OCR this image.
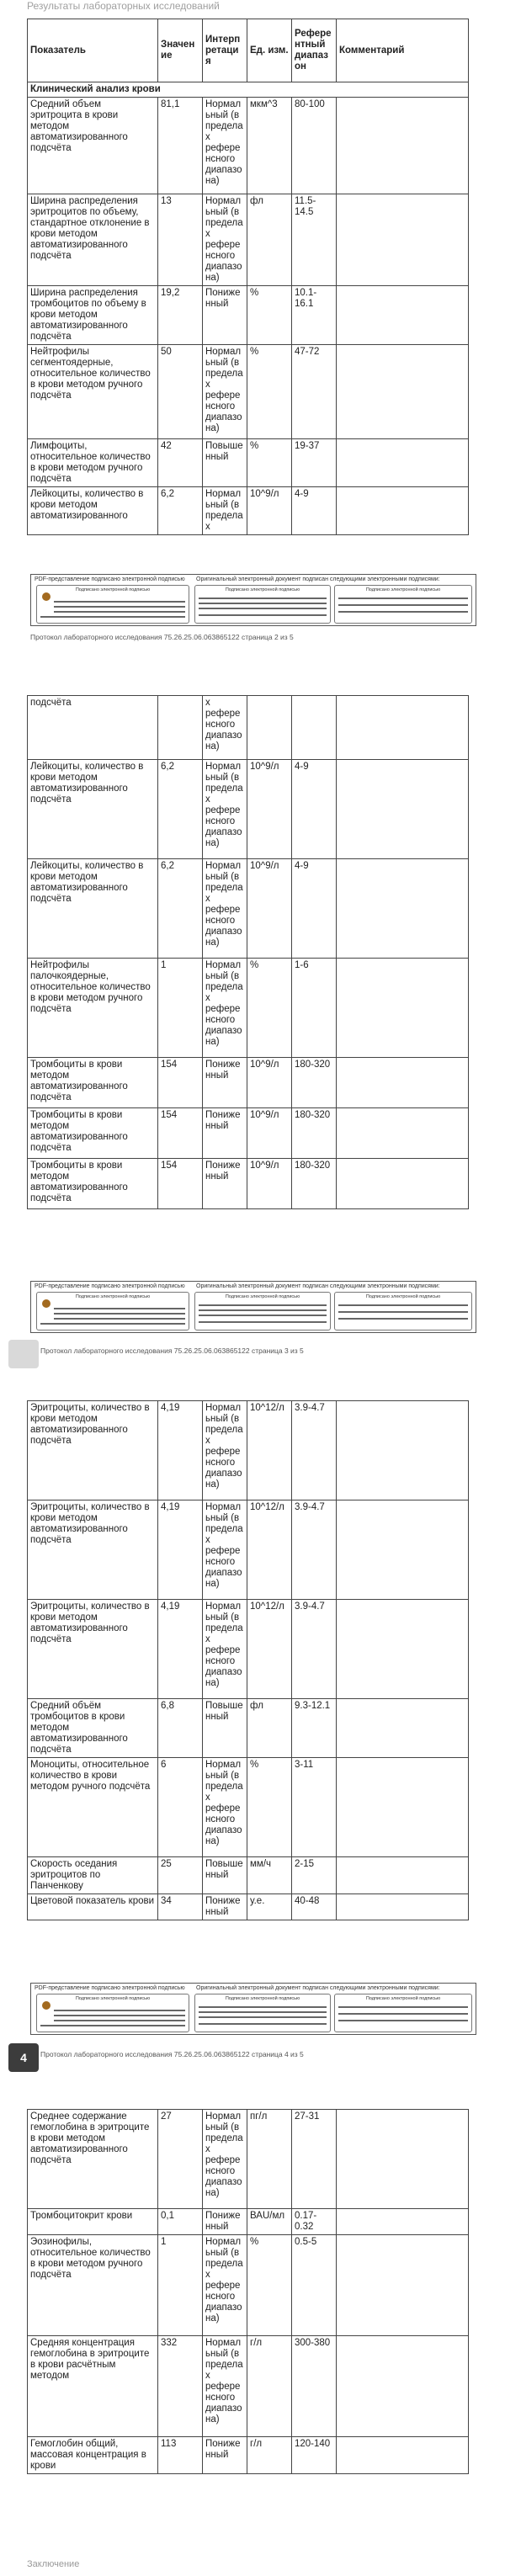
Результаты лабораторных исследований
Показатель	Значение	Интерпретация	Ед. изм.	Референтный диапазон	Комментарий
Клинический анализ крови					
Средний объем эритроцита в крови методом автоматизированного подсчёта	81,1	Нормальный (в пределах референсного диапазона)	мкм^3	80-100	
Ширина распределения эритроцитов по объему, стандартное отклонение в крови методом автоматизированного подсчёта	13	Нормальный (в пределах референсного диапазона)	фл	11.5-14.5	
Ширина распределения тромбоцитов по объему в крови методом автоматизированного подсчёта	19,2	Пониженный	%	10.1-16.1	
Нейтрофилы сегментоядерные, относительное количество в крови методом ручного подсчёта	50	Нормальный (в пределах референсного диапазона)	%	47-72	
Лимфоциты, относительное количество в крови методом ручного подсчёта	42	Повышенный	%	19-37	
Лейкоциты, количество в крови методом автоматизированного	6,2	Нормальный (в пределах	10^9/л	4-9	
PDF-представление подписано электронной подписью Оригинальный электронный документ подписан следующими электронными подписями:
Подписано электронной подписью	Подписано электронной подписью	Подписано электронной подписью
Протокол лабораторного исследования 75.26.25.06.063865122 страница 2 из 5
подсчёта		х референсного диапазона)			
Лейкоциты, количество в крови методом автоматизированного подсчёта	6,2	Нормальный (в пределах референсного диапазона)	10^9/л	4-9	
Лейкоциты, количество в крови методом автоматизированного подсчёта	6,2	Нормальный (в пределах референсного диапазона)	10^9/л	4-9	
Нейтрофилы палочкоядерные, относительное количество в крови методом ручного подсчёта	1	Нормальный (в пределах референсного диапазона)	%	1-6	
Тромбоциты в крови методом автоматизированного подсчёта	154	Пониженный	10^9/л	180-320	
Тромбоциты в крови методом автоматизированного подсчёта	154	Пониженный	10^9/л	180-320	
Тромбоциты в крови методом автоматизированного подсчёта	154	Пониженный	10^9/л	180-320	
PDF-представление подписано электронной подписью Оригинальный электронный документ подписан следующими электронными подписями:
Подписано электронной подписью	Подписано электронной подписью	Подписано электронной подписью
Протокол лабораторного исследования 75.26.25.06.063865122 страница 3 из 5
Эритроциты, количество в крови методом автоматизированного подсчёта	4,19	Нормальный (в пределах референсного диапазона)	10^12/л	3.9-4.7	
Эритроциты, количество в крови методом автоматизированного подсчёта	4,19	Нормальный (в пределах референсного диапазона)	10^12/л	3.9-4.7	
Эритроциты, количество в крови методом автоматизированного подсчёта	4,19	Нормальный (в пределах референсного диапазона)	10^12/л	3.9-4.7	
Средний объём тромбоцитов в крови методом автоматизированного подсчёта	6,8	Повышенный	фл	9.3-12.1	
Моноциты, относительное количество в крови методом ручного подсчёта	6	Нормальный (в пределах референсного диапазона)	%	3-11	
Скорость оседания эритроцитов по Панченкову	25	Повышенный	мм/ч	2-15	
Цветовой показатель крови	34	Пониженный	у.е.	40-48	
PDF-представление подписано электронной подписью Оригинальный электронный документ подписан следующими электронными подписями:
Подписано электронной подписью	Подписано электронной подписью	Подписано электронной подписью
4	Протокол лабораторного исследования 75.26.25.06.063865122 страница 4 из 5
Среднее содержание гемоглобина в эритроците в крови методом автоматизированного подсчёта	27	Нормальный (в пределах референсного диапазона)	пг/л	27-31	
Тромбоцитокрит крови	0,1	Пониженный	ВАU/мл	0.17-0.32	
Эозинофилы, относительное количество в крови методом ручного подсчёта	1	Нормальный (в пределах референсного диапазона)	%	0.5-5	
Средняя концентрация гемоглобина в эритроците в крови расчётным методом	332	Нормальный (в пределах референсного диапазона)	г/л	300-380	
Гемоглобин общий, массовая концентрация в крови	113	Пониженный	г/л	120-140	
Заключение
